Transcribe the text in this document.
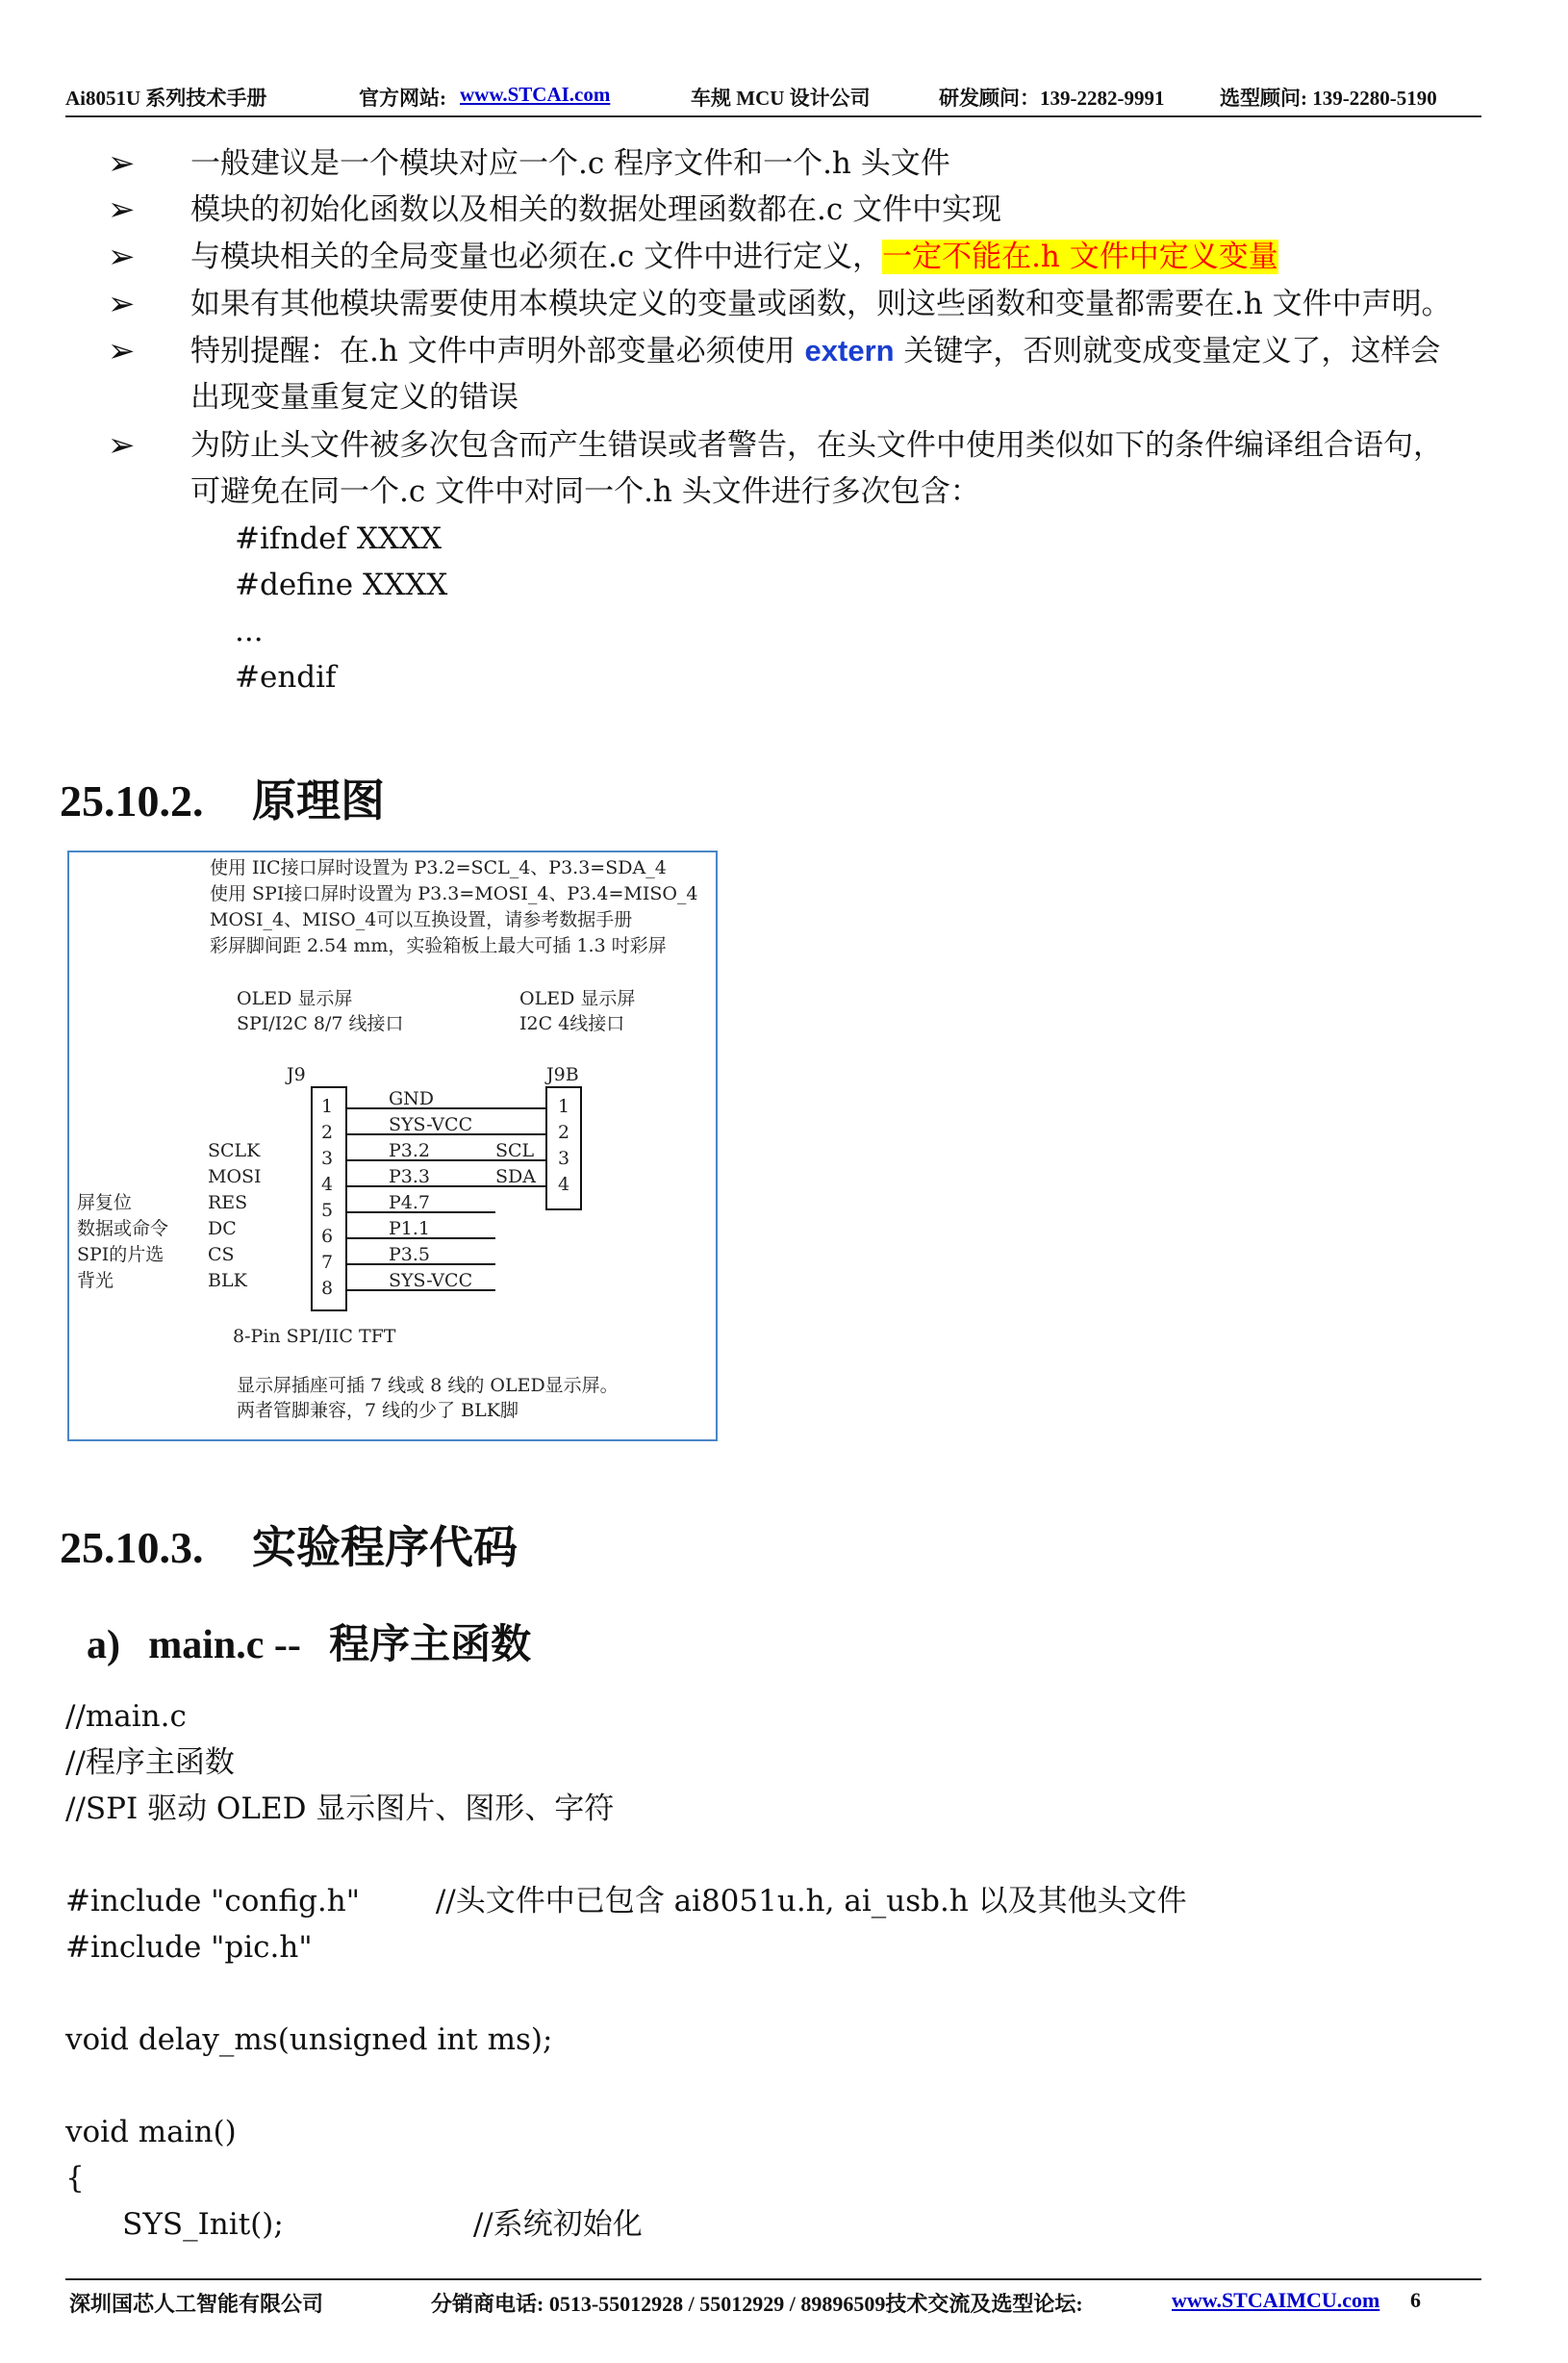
Ai8051U 系列技术手册	官方网站: www.STCAI.com	车规 MCU 设计公司	研发顾问：139-2282-9991	选型顾问: 139-2280-5190
➢ 一般建议是一个模块对应一个.c 程序文件和一个.h 头文件
➢ 模块的初始化函数以及相关的数据处理函数都在.c 文件中实现
➢ 与模块相关的全局变量也必须在.c 文件中进行定义，一定不能在.h 文件中定义变量
➢ 如果有其他模块需要使用本模块定义的变量或函数，则这些函数和变量都需要在.h 文件中声明。
➢ 特别提醒：在.h 文件中声明外部变量必须使用 extern 关键字，否则就变成变量定义了，这样会
出现变量重复定义的错误
➢ 为防止头文件被多次包含而产生错误或者警告，在头文件中使用类似如下的条件编译组合语句，
可避免在同一个.c 文件中对同一个.h 头文件进行多次包含：
#ifndef XXXX
#define XXXX
...
#endif
25.10.2. 原理图
使用 IIC接口屏时设置为 P3.2=SCL_4、P3.3=SDA_4
使用 SPI接口屏时设置为 P3.3=MOSI_4、P3.4=MISO_4
MOSI_4、MISO_4可以互换设置，请参考数据手册
彩屏脚间距 2.54 mm，实验箱板上最大可插 1.3 吋彩屏
OLED 显示屏
SPI/I2C 8/7 线接口
OLED 显示屏
I2C 4线接口
J9
1
2
3
4
5
6
7
8
J9B
1
2
3
4
GND
SYS-VCC
P3.2
P3.3
P4.7
P1.1
P3.5
SYS-VCC
SCL
SDA
SCLK
MOSI
RES
DC
CS
BLK
屏复位
数据或命令
SPI的片选
背光
8-Pin SPI/IIC TFT
显示屏插座可插 7 线或 8 线的 OLED显示屏。
两者管脚兼容，7 线的少了 BLK脚
25.10.3. 实验程序代码
a) main.c -- 程序主函数
//main.c
//程序主函数
//SPI 驱动 OLED 显示图片、图形、字符
#include "config.h"        //头文件中已包含 ai8051u.h, ai_usb.h 以及其他头文件
#include "pic.h"
void delay_ms(unsigned int ms);
void main()
{
SYS_Init();                    //系统初始化
深圳国芯人工智能有限公司	分销商电话: 0513-55012928 / 55012929 / 89896509技术交流及选型论坛:	www.STCAIMCU.com 6
